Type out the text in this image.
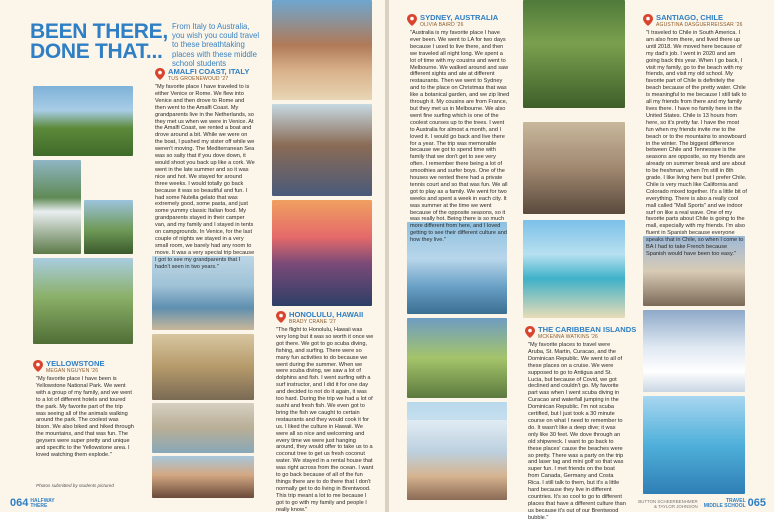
BEEN THERE, DONE THAT...
From Italy to Australia, you wish you could travel to these breathtaking places with these middle school students
AMALFI COAST, ITALY
TUS GROENEWOUD '27
"My favorite place I have traveled to is either Venice or Rome. We flew into Venice and then drove to Rome and then went to the Amalfi Coast. My grandparents live in the Netherlands, so they met us when we were in Venice. At the Amalfi Coast, we rented a boat and drove around a bit. While we were on the boat, I pushed my sister off while we weren't moving. The Mediterranean Sea was so salty that if you dove down, it would shoot you back up like a cork. We went in the late summer and so it was nice and hot. We stayed for around three weeks. I would totally go back because it was so beautiful and fun. I had some Nutella gelato that was extremely good, some pasta, and just some yummy classic Italian food. My grandparents stayed in their camper van, and my family and I stayed in tents on campgrounds. In Venice, for the last couple of nights we stayed in a very small room, we barely had any room to move. It was a very special trip because I got to see my grandparents that I hadn't seen in two years."
YELLOWSTONE
MEGAN NGUYEN '26
"My favorite place I have been is Yellowstone National Park. We went with a group of my family, and we went to a lot of different hotels and toured the park. My favorite part of the trip was seeing all of the animals walking around the park. The coolest was bison. We also biked and hiked through the mountains, and that was fun. The geysers were super pretty and unique and specific to the Yellowstone area. I loved watching them explode."
Photos submitted by students pictured
HONOLULU, HAWAII
BRADY CRANE '27
"The flight to Honolulu, Hawaii was very long but it was so worth it once we got there. We got to go scuba diving, fishing, and surfing. There were so many fun activities to do because we went during the summer. When we were scuba diving, we saw a lot of dolphins and fish. I went surfing with a surf instructor, and I did it for one day and decided to not do it again, it was too hard. During the trip we had a lot of sushi and fresh fish. We even got to bring the fish we caught to certain restaurants and they would cook it for us. I liked the culture in Hawaii. We were all so nice and welcoming and every time we were just hanging around, they would offer to take us to a coconut tree to get us fresh coconut water. We stayed in a rental house that was right across from the ocean. I want to go back because of all of the fun things there are to do there that I don't normally get to do living in Brentwood. This trip meant a lot to me because I got to go with my family and people I really know."
064 HALFWAY
THERE
SYDNEY, AUSTRALIA
OLIVIA BAIRD '26
"Australia is my favorite place I have ever been. We went to LA for two days because I used to live there, and then we traveled all night long. We spent a lot of time with my cousins and went to Melbourne. We walked around and saw different sights and ate at different restaurants. Then we went to Sydney and to the place on Christmas that was like a botanical garden, and we zip lined through it. My cousins are from France, but they met us in Melbourne. We also went fine surfing which is one of the coolest courses up to the trees. I went to Australia for almost a month, and I loved it. I would go back and live there for a year. The trip was memorable because we got to spend time with family that we don't get to see very often. I remember there being a lot of smoothies and surfer boys. One of the houses we rented there had a private tennis court and so that was fun. We all got to play as a family. We went for two weeks and spent a week in each city. It was summer at the time we went because of the opposite seasons, so it was really hot. Being there is so much more different from here, and I loved getting to see their different culture and how they live."
THE CARIBBEAN ISLANDS
MCKENNA WATKINS '26
"My favorite places to travel were Aruba, St. Martin, Curacao, and the Dominican Republic. We went to all of these places on a cruise. We were supposed to go to Antigua and St. Lucia, but because of Covid, we got declined and couldn't go. My favorite part was when I went scuba diving in Curacao and waterfall jumping in the Dominican Republic. I'm not scuba certified, but I just took a 30 minute course on what I need to remember to do. It wasn't like a deep dive; it was only like 30 feet. We dove through an old shipwreck. I want to go back to these places' cause the beaches were so pretty. There was a party on the trip and laser tag and mini golf so that was super fun. I met friends on the boat from Canada, Germany and Costa Rica. I still talk to them, but it's a little hard because they live in different countries. It's so cool to go to different places that have a different culture than us because it's out of our Brentwood bubble."
SANTIAGO, CHILE
AGUSTINA DASGUERREISSAR '26
"I traveled to Chile in South America. I am also from there, and lived there up until 2018. We moved here because of my dad's job. I went in 2020 and am going back this year. When I go back, I visit my family, go to the beach with my friends, and visit my old school. My favorite part of Chile is definitely the beach because of the pretty water. Chile is meaningful to me because I still talk to all my friends from there and my family lives there. I have no family here in the United States. Chile is 13 hours from here, so it's pretty far. I have the most fun when my friends invite me to the beach or to the mountains to snowboard in the winter. The biggest difference between Chile and Tennessee is the seasons are opposite, so my friends are already on summer break and are about to be freshman, when I'm still in 8th grade. I like living here but I prefer Chile. Chile is very much like California and Colorado mixed together. It's a little bit of everything. There is also a really cool mall called "Mall Sports" and we indoor surf on like a real wave. One of my favorite parts about Chile is going to the mall, especially with my friends. I'm also fluent in Spanish because everyone speaks that in Chile, so when I come to BA I had to take French because Spanish would have been too easy."
BUTTON SCHEERBENHMER
& TAYLOR JOHNSON
TRAVEL
MIDDLE SCHOOL 065
